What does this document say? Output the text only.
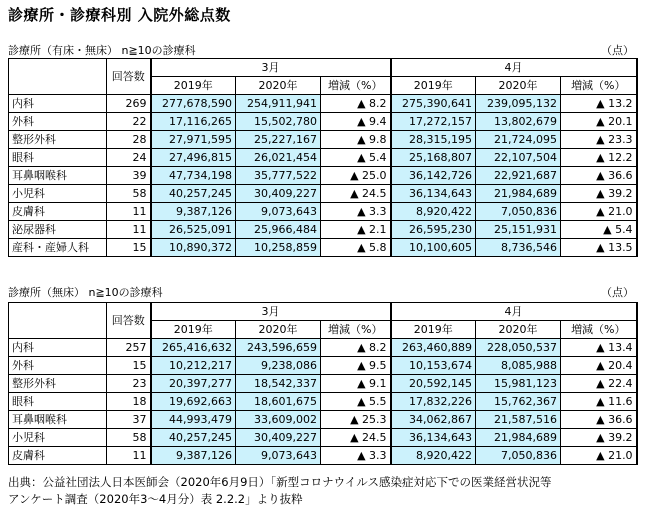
診療所・診療科別 入院外総点数
診療所（有床・無床） n≧10の診療科	（点）
	回答数	3月			4月		
		2019年	2020年	増減（%）	2019年	2020年	増減（%）
内科	269	277,678,590	254,911,941	▲ 8.2	275,390,641	239,095,132	▲ 13.2
外科	22	17,116,265	15,502,780	▲ 9.4	17,272,157	13,802,679	▲ 20.1
整形外科	28	27,971,595	25,227,167	▲ 9.8	28,315,195	21,724,095	▲ 23.3
眼科	24	27,496,815	26,021,454	▲ 5.4	25,168,807	22,107,504	▲ 12.2
耳鼻咽喉科	39	47,734,198	35,777,522	▲ 25.0	36,142,726	22,921,687	▲ 36.6
小児科	58	40,257,245	30,409,227	▲ 24.5	36,134,643	21,984,689	▲ 39.2
皮膚科	11	9,387,126	9,073,643	▲ 3.3	8,920,422	7,050,836	▲ 21.0
泌尿器科	11	26,525,091	25,966,484	▲ 2.1	26,595,230	25,151,931	▲ 5.4
産科・産婦人科	15	10,890,372	10,258,859	▲ 5.8	10,100,605	8,736,546	▲ 13.5
診療所（無床） n≧10の診療科	（点）
	回答数	3月			4月		
		2019年	2020年	増減（%）	2019年	2020年	増減（%）
内科	257	265,416,632	243,596,659	▲ 8.2	263,460,889	228,050,537	▲ 13.4
外科	15	10,212,217	9,238,086	▲ 9.5	10,153,674	8,085,988	▲ 20.4
整形外科	23	20,397,277	18,542,337	▲ 9.1	20,592,145	15,981,123	▲ 22.4
眼科	18	19,692,663	18,601,675	▲ 5.5	17,832,226	15,762,367	▲ 11.6
耳鼻咽喉科	37	44,993,479	33,609,002	▲ 25.3	34,062,867	21,587,516	▲ 36.6
小児科	58	40,257,245	30,409,227	▲ 24.5	36,134,643	21,984,689	▲ 39.2
皮膚科	11	9,387,126	9,073,643	▲ 3.3	8,920,422	7,050,836	▲ 21.0
出典：公益社団法人日本医師会（2020年6月9日）「新型コロナウイルス感染症対応下での医業経営状況等
アンケート調査（2020年3～4月分）表 2.2.2」より抜粋
